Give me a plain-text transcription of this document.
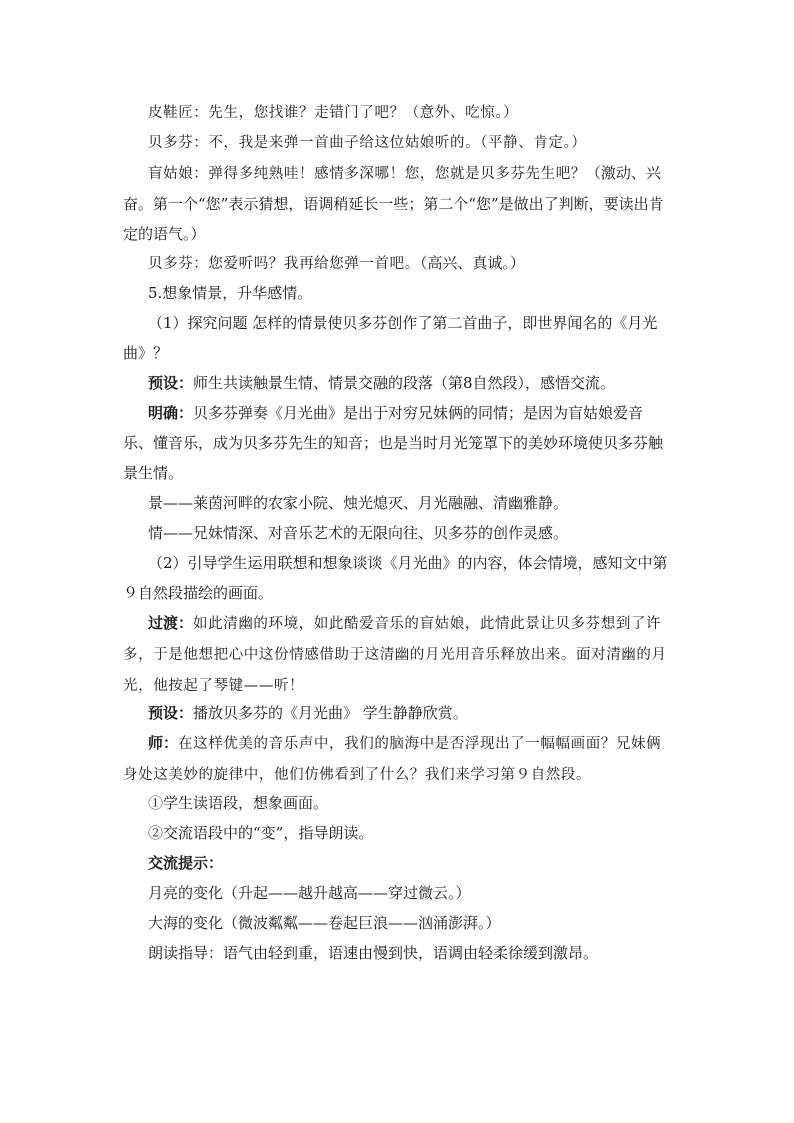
皮鞋匠：先生，您找谁？走错门了吧？（意外、吃惊。）

贝多芬：不，我是来弹一首曲子给这位姑娘听的。（平静、肯定。）

盲姑娘：弹得多纯熟哇！感情多深哪！您，您就是贝多芬先生吧？（激动、兴奋。第一个“您”表示猜想，语调稍延长一些；第二个“您”是做出了判断，要读出肯定的语气。）

贝多芬：您爱听吗？我再给您弹一首吧。（高兴、真诚。）

5.想象情景，升华感情。

（1）探究问题 怎样的情景使贝多芬创作了第二首曲子，即世界闻名的《月光曲》？

预设：师生共读触景生情、情景交融的段落（第8自然段），感悟交流。

明确：贝多芬弹奏《月光曲》是出于对穷兄妹俩的同情；是因为盲姑娘爱音乐、懂音乐，成为贝多芬先生的知音；也是当时月光笼罩下的美妙环境使贝多芬触景生情。

景——莱茵河畔的农家小院、烛光熄灭、月光融融、清幽雅静。

情——兄妹情深、对音乐艺术的无限向往、贝多芬的创作灵感。

（2）引导学生运用联想和想象谈谈《月光曲》的内容，体会情境，感知文中第９自然段描绘的画面。

过渡：如此清幽的环境，如此酷爱音乐的盲姑娘，此情此景让贝多芬想到了许多，于是他想把心中这份情感借助于这清幽的月光用音乐释放出来。面对清幽的月光，他按起了琴键——听！

预设：播放贝多芬的《月光曲》 学生静静欣赏。

师：在这样优美的音乐声中，我们的脑海中是否浮现出了一幅幅画面？兄妹俩身处这美妙的旋律中，他们仿佛看到了什么？我们来学习第９自然段。

①学生读语段，想象画面。

②交流语段中的“变”，指导朗读。

交流提示：

月亮的变化（升起——越升越高——穿过微云。）

大海的变化（微波粼粼——卷起巨浪——汹涌澎湃。）

朗读指导：语气由轻到重，语速由慢到快，语调由轻柔徐缓到激昂。
